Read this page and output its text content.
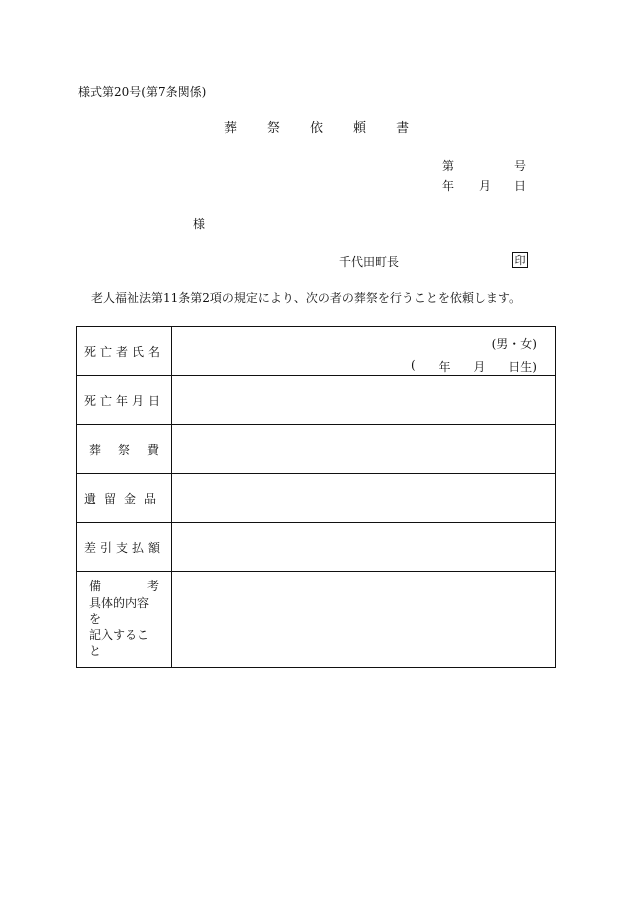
様式第20号(第7条関係)
葬 祭 依 頼 書
第	号
年 月 日
様
千代田町長	印
老人福祉法第11条第2項の規定により、次の者の葬祭を行うことを依頼します。
死亡者氏名	(男・女)
( 年 月 日生)

死亡年月日	

葬 祭 費	

遺留金品	

差引支払額	

備 考
具体的内容を
記入すること	
